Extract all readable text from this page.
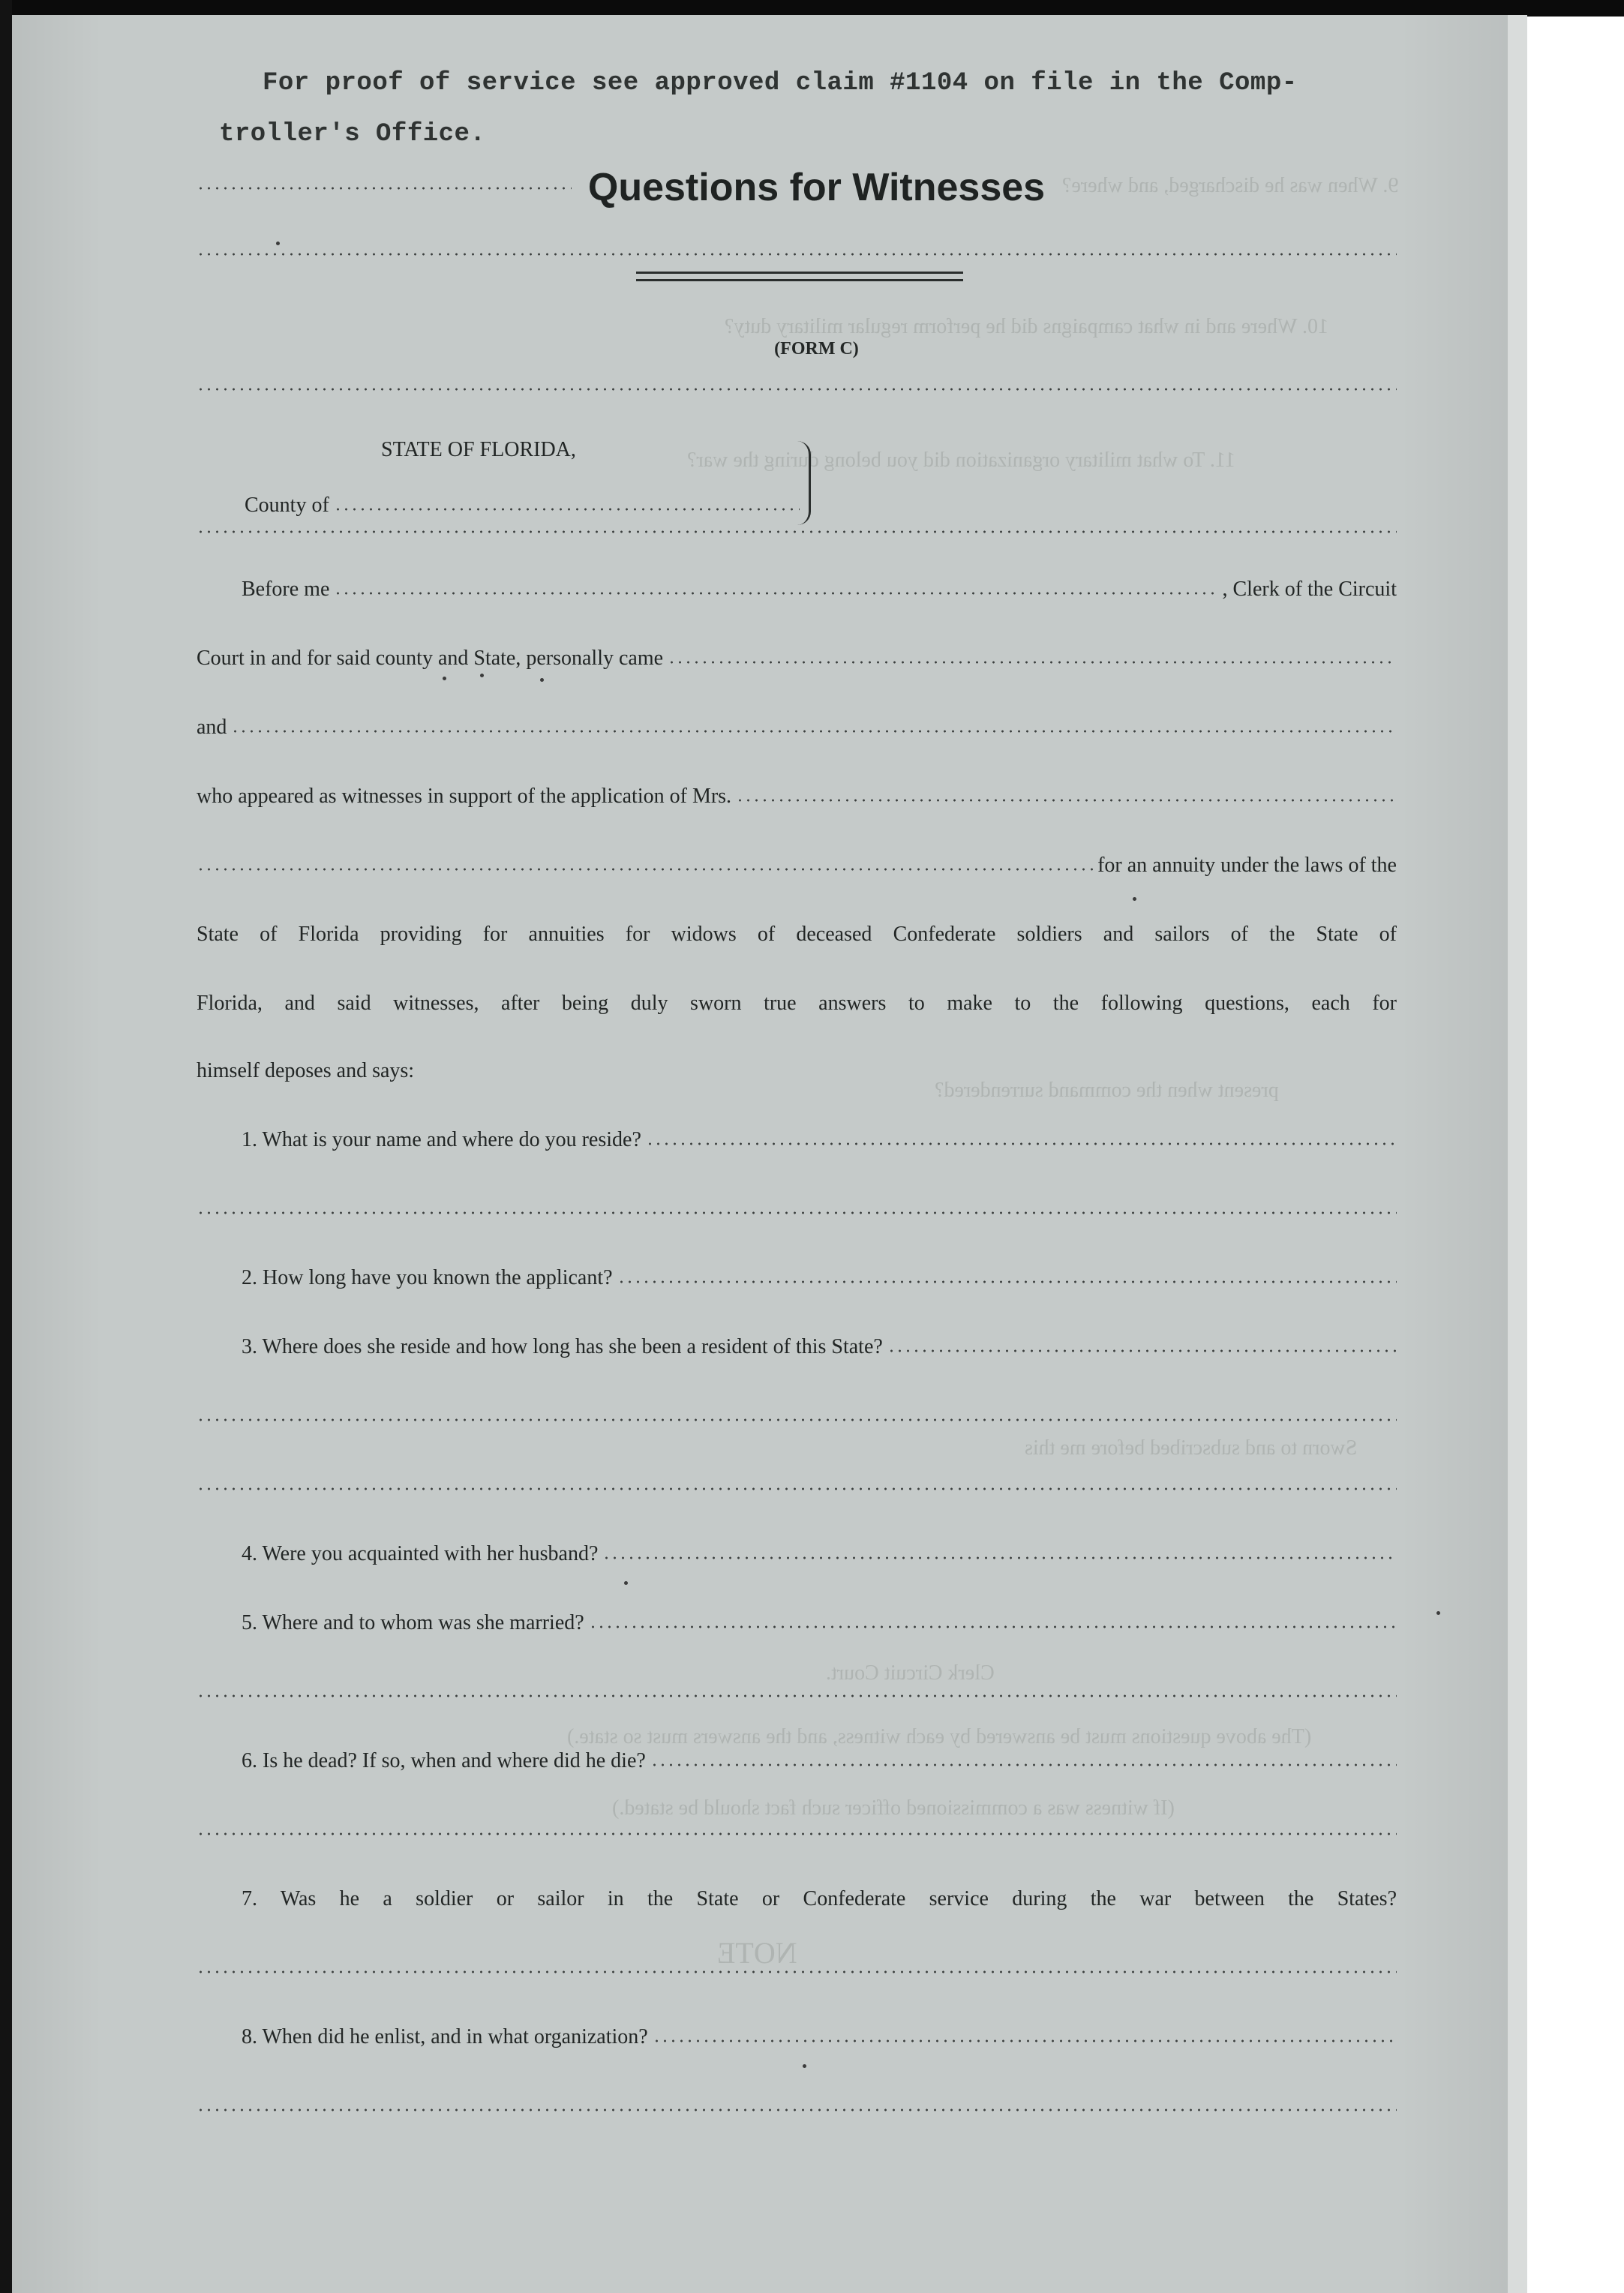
9. When was he discharged, and where?
10. Where and in what campaigns did he perform regular military duty?
11. To what military organization did you belong during the war?
present when the command surrendered?
Sworn to and subscribed before me this
Clerk Circuit Court.
(The above questions must be answered by each witness, and the answers must so state.)
(If witness was a commissioned officer such fact should be stated.)
NOTE
For proof of service see approved claim #1104 on file in the Comp-
troller's Office.
Questions for Witnesses
(FORM C)
STATE OF FLORIDA,
County of
Before me	, Clerk of the Circuit
Court in and for said county and State, personally came
and
who appeared as witnesses in support of the application of Mrs.
for an annuity under the laws of the
State of Florida providing for annuities for widows of deceased Confederate soldiers and sailors of the State of
Florida, and said witnesses, after being duly sworn true answers to make to the following questions, each for
himself deposes and says:
1. What is your name and where do you reside?
2. How long have you known the applicant?
3. Where does she reside and how long has she been a resident of this State?
4. Were you acquainted with her husband?
5. Where and to whom was she married?
6. Is he dead? If so, when and where did he die?
7. Was he a soldier or sailor in the State or Confederate service during the war between the States?
8. When did he enlist, and in what organization?
